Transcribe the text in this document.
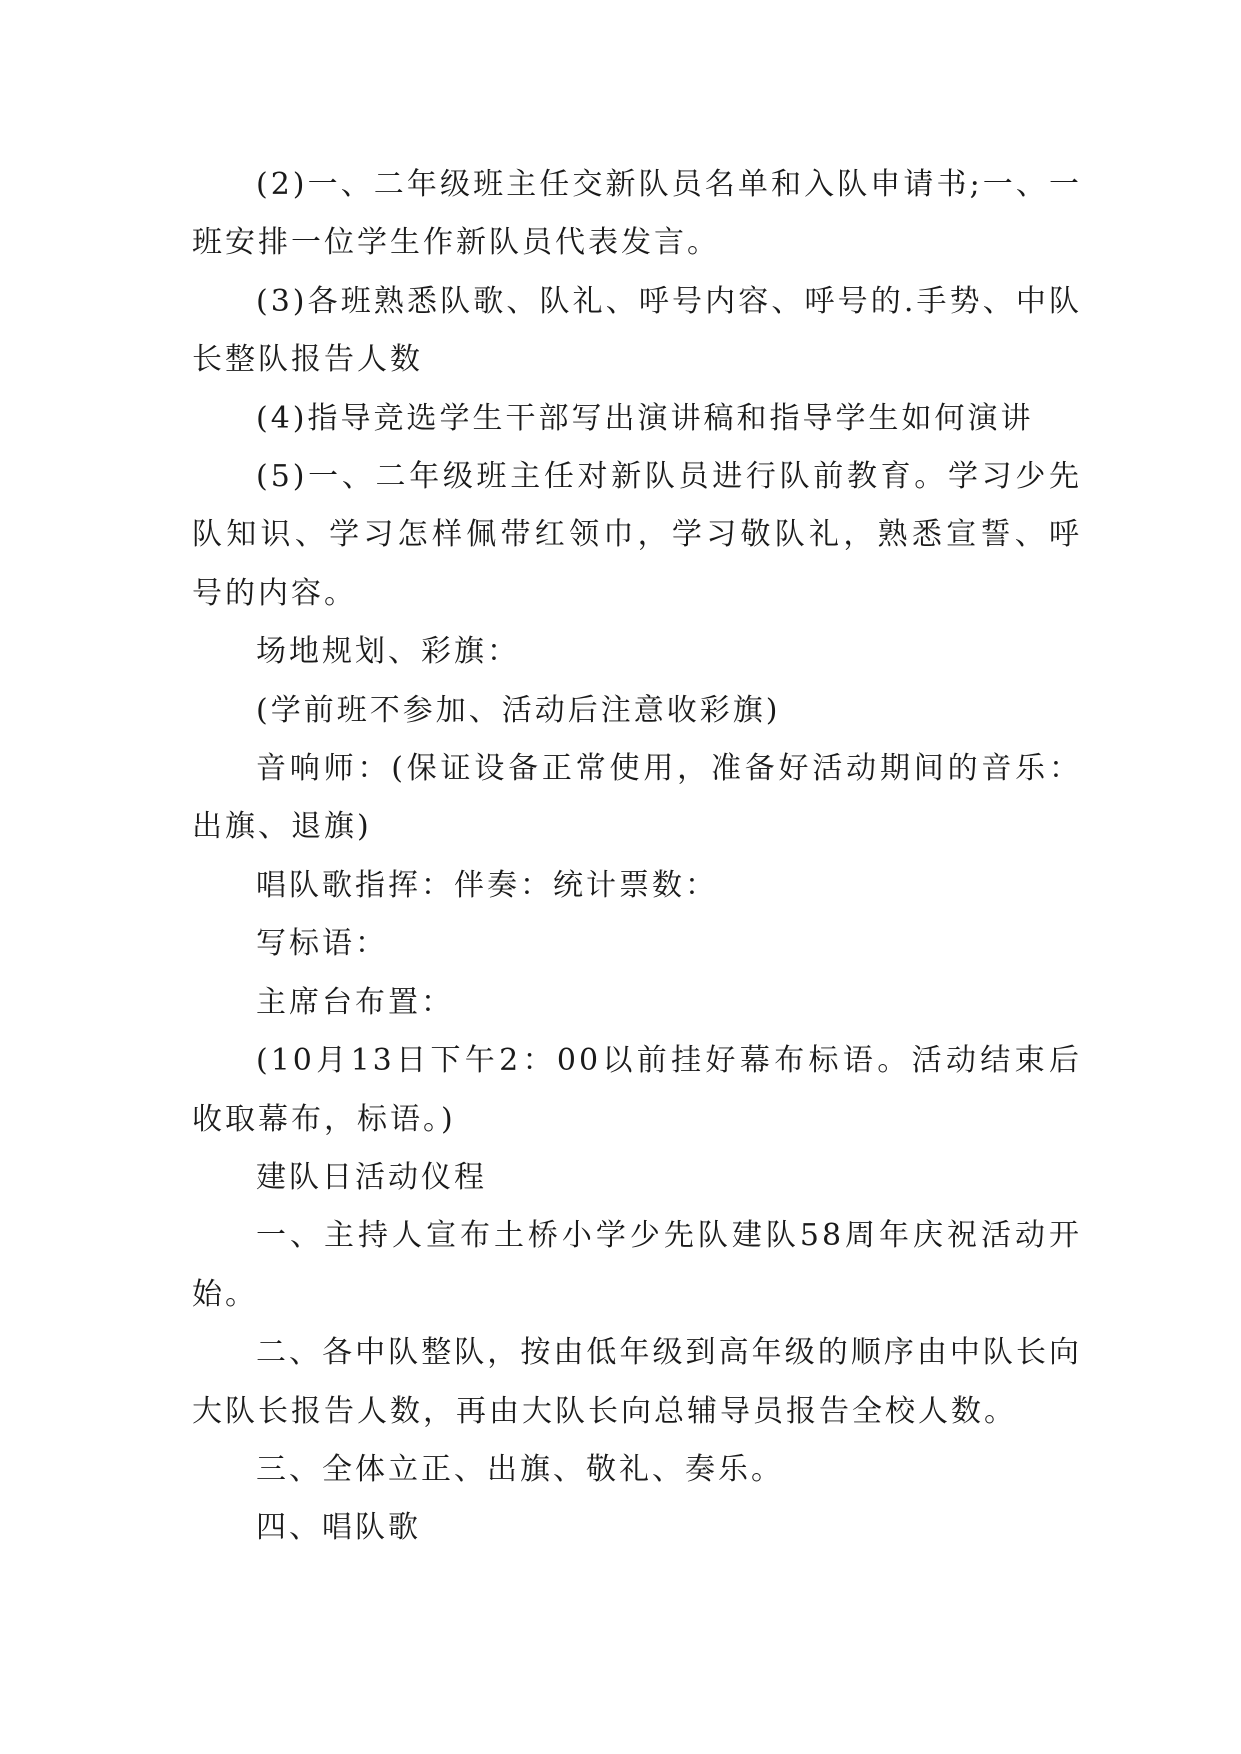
(2)一、二年级班主任交新队员名单和入队申请书;一、一班安排一位学生作新队员代表发言。

(3)各班熟悉队歌、队礼、呼号内容、呼号的.手势、中队长整队报告人数

(4)指导竞选学生干部写出演讲稿和指导学生如何演讲

(5)一、二年级班主任对新队员进行队前教育。学习少先队知识、学习怎样佩带红领巾，学习敬队礼，熟悉宣誓、呼号的内容。

场地规划、彩旗：

(学前班不参加、活动后注意收彩旗)

音响师：(保证设备正常使用，准备好活动期间的音乐：出旗、退旗)

唱队歌指挥：伴奏：统计票数：

写标语：

主席台布置：

(10月13日下午2：00以前挂好幕布标语。活动结束后收取幕布，标语。)

建队日活动仪程

一、主持人宣布土桥小学少先队建队58周年庆祝活动开始。

二、各中队整队，按由低年级到高年级的顺序由中队长向大队长报告人数，再由大队长向总辅导员报告全校人数。

三、全体立正、出旗、敬礼、奏乐。

四、唱队歌
